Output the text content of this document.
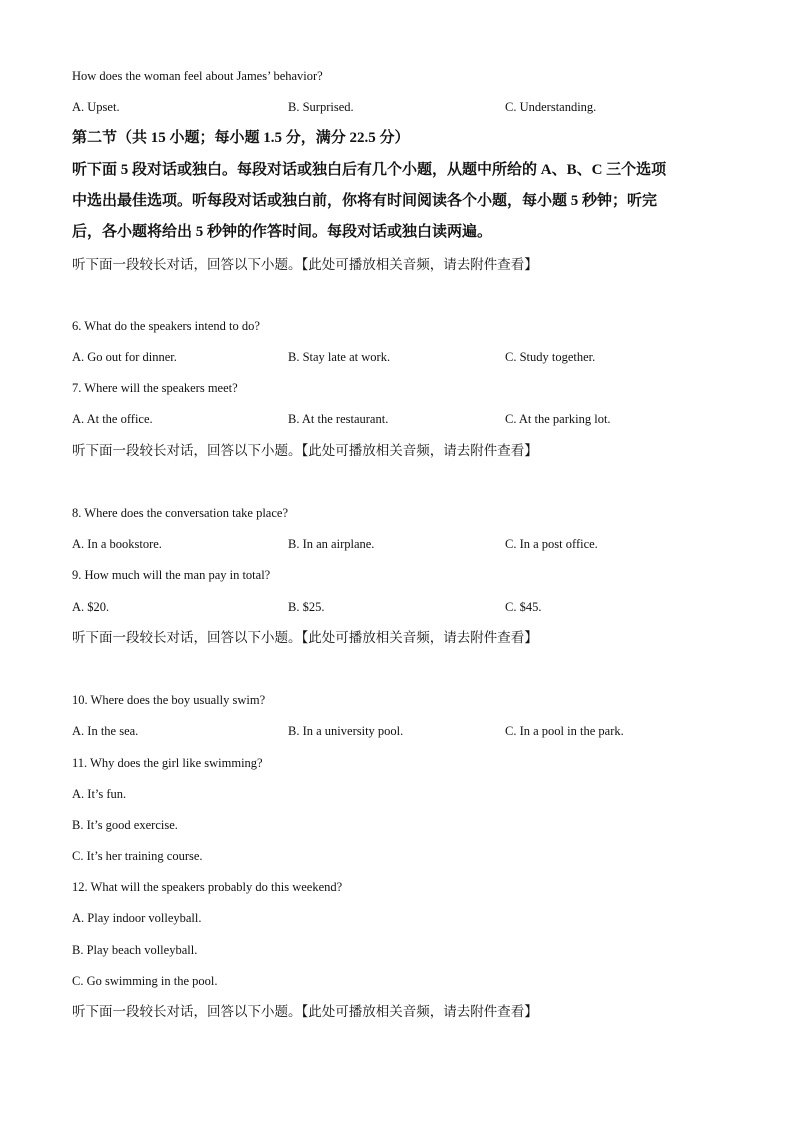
How does the woman feel about James’ behavior?
A. Upset.	B. Surprised.	C. Understanding.
第二节（共 15 小题；每小题 1.5 分，满分 22.5 分）
听下面 5 段对话或独白。每段对话或独白后有几个小题，从题中所给的 A、B、C 三个选项
中选出最佳选项。听每段对话或独白前，你将有时间阅读各个小题，每小题 5 秒钟；听完
后，各小题将给出 5 秒钟的作答时间。每段对话或独白读两遍。
听下面一段较长对话，回答以下小题。【此处可播放相关音频，请去附件查看】
6. What do the speakers intend to do?
A. Go out for dinner.	B. Stay late at work.	C. Study together.
7. Where will the speakers meet?
A. At the office.	B. At the restaurant.	C. At the parking lot.
听下面一段较长对话，回答以下小题。【此处可播放相关音频，请去附件查看】
8. Where does the conversation take place?
A. In a bookstore.	B. In an airplane.	C. In a post office.
9. How much will the man pay in total?
A. $20.	B. $25.	C. $45.
听下面一段较长对话，回答以下小题。【此处可播放相关音频，请去附件查看】
10. Where does the boy usually swim?
A. In the sea.	B. In a university pool.	C. In a pool in the park.
11. Why does the girl like swimming?
A. It’s fun.
B. It’s good exercise.
C. It’s her training course.
12. What will the speakers probably do this weekend?
A. Play indoor volleyball.
B. Play beach volleyball.
C. Go swimming in the pool.
听下面一段较长对话，回答以下小题。【此处可播放相关音频，请去附件查看】
